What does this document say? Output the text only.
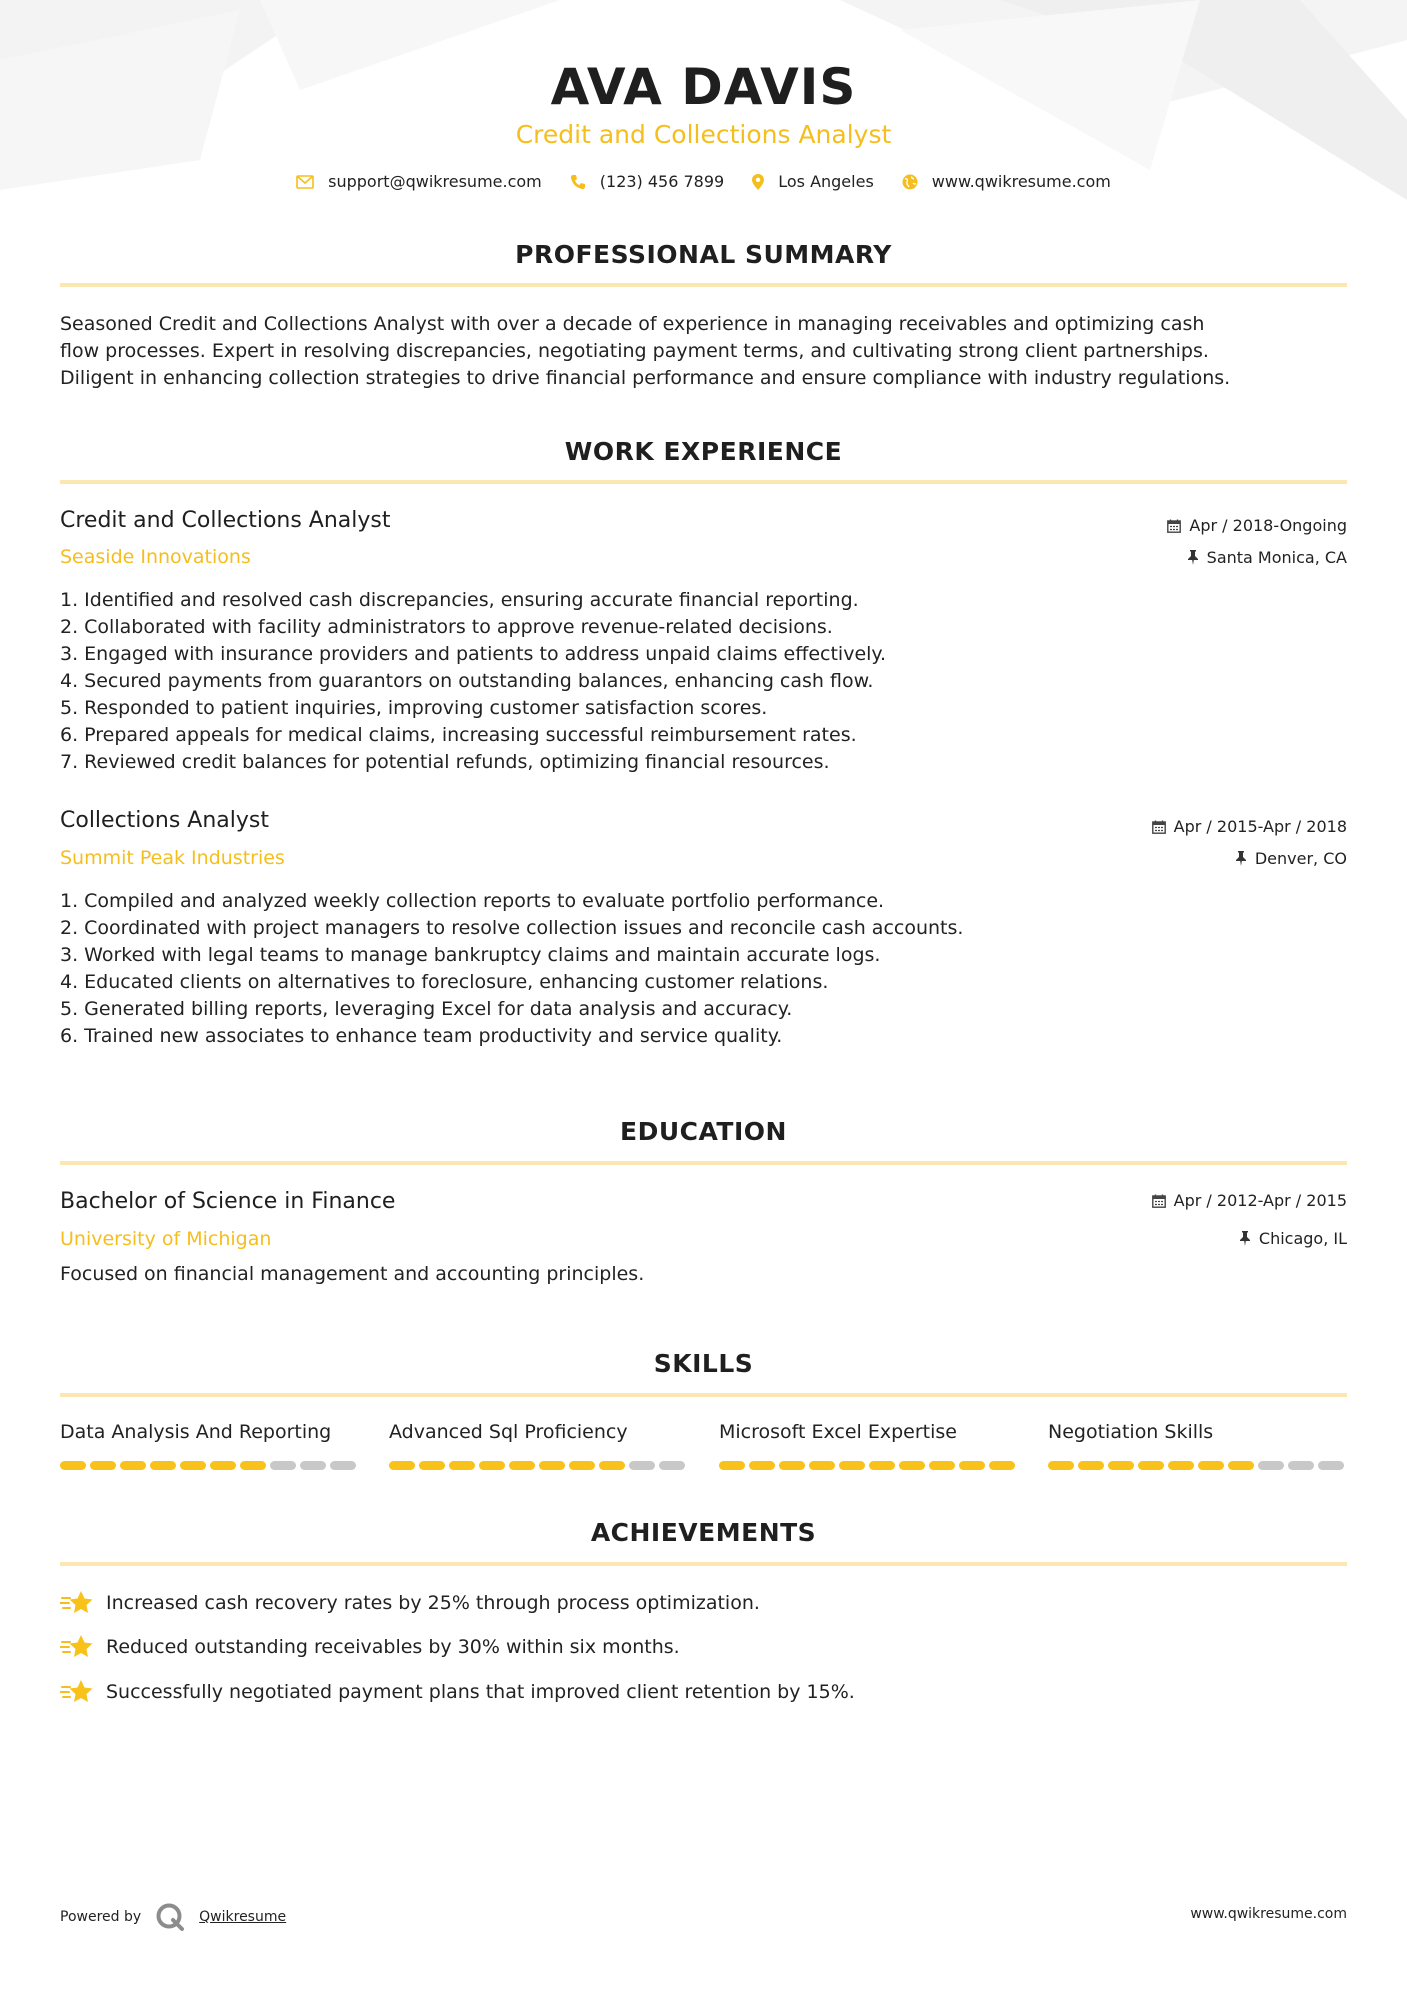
AVA DAVIS
Credit and Collections Analyst
support@qwikresume.com	(123) 456 7899	Los Angeles	www.qwikresume.com
PROFESSIONAL SUMMARY
Seasoned Credit and Collections Analyst with over a decade of experience in managing receivables and optimizing cash
flow processes. Expert in resolving discrepancies, negotiating payment terms, and cultivating strong client partnerships.
Diligent in enhancing collection strategies to drive financial performance and ensure compliance with industry regulations.
WORK EXPERIENCE
Credit and Collections Analyst
Seaside Innovations
Apr / 2018-Ongoing
Santa Monica, CA
1. Identified and resolved cash discrepancies, ensuring accurate financial reporting.
2. Collaborated with facility administrators to approve revenue-related decisions.
3. Engaged with insurance providers and patients to address unpaid claims effectively.
4. Secured payments from guarantors on outstanding balances, enhancing cash flow.
5. Responded to patient inquiries, improving customer satisfaction scores.
6. Prepared appeals for medical claims, increasing successful reimbursement rates.
7. Reviewed credit balances for potential refunds, optimizing financial resources.
Collections Analyst
Summit Peak Industries
Apr / 2015-Apr / 2018
Denver, CO
1. Compiled and analyzed weekly collection reports to evaluate portfolio performance.
2. Coordinated with project managers to resolve collection issues and reconcile cash accounts.
3. Worked with legal teams to manage bankruptcy claims and maintain accurate logs.
4. Educated clients on alternatives to foreclosure, enhancing customer relations.
5. Generated billing reports, leveraging Excel for data analysis and accuracy.
6. Trained new associates to enhance team productivity and service quality.
EDUCATION
Bachelor of Science in Finance
University of Michigan
Apr / 2012-Apr / 2015
Chicago, IL
Focused on financial management and accounting principles.
SKILLS
Data Analysis And Reporting	Advanced Sql Proficiency	Microsoft Excel Expertise	Negotiation Skills
ACHIEVEMENTS
Increased cash recovery rates by 25% through process optimization.
Reduced outstanding receivables by 30% within six months.
Successfully negotiated payment plans that improved client retention by 15%.
Powered by	Qwikresume	www.qwikresume.com
